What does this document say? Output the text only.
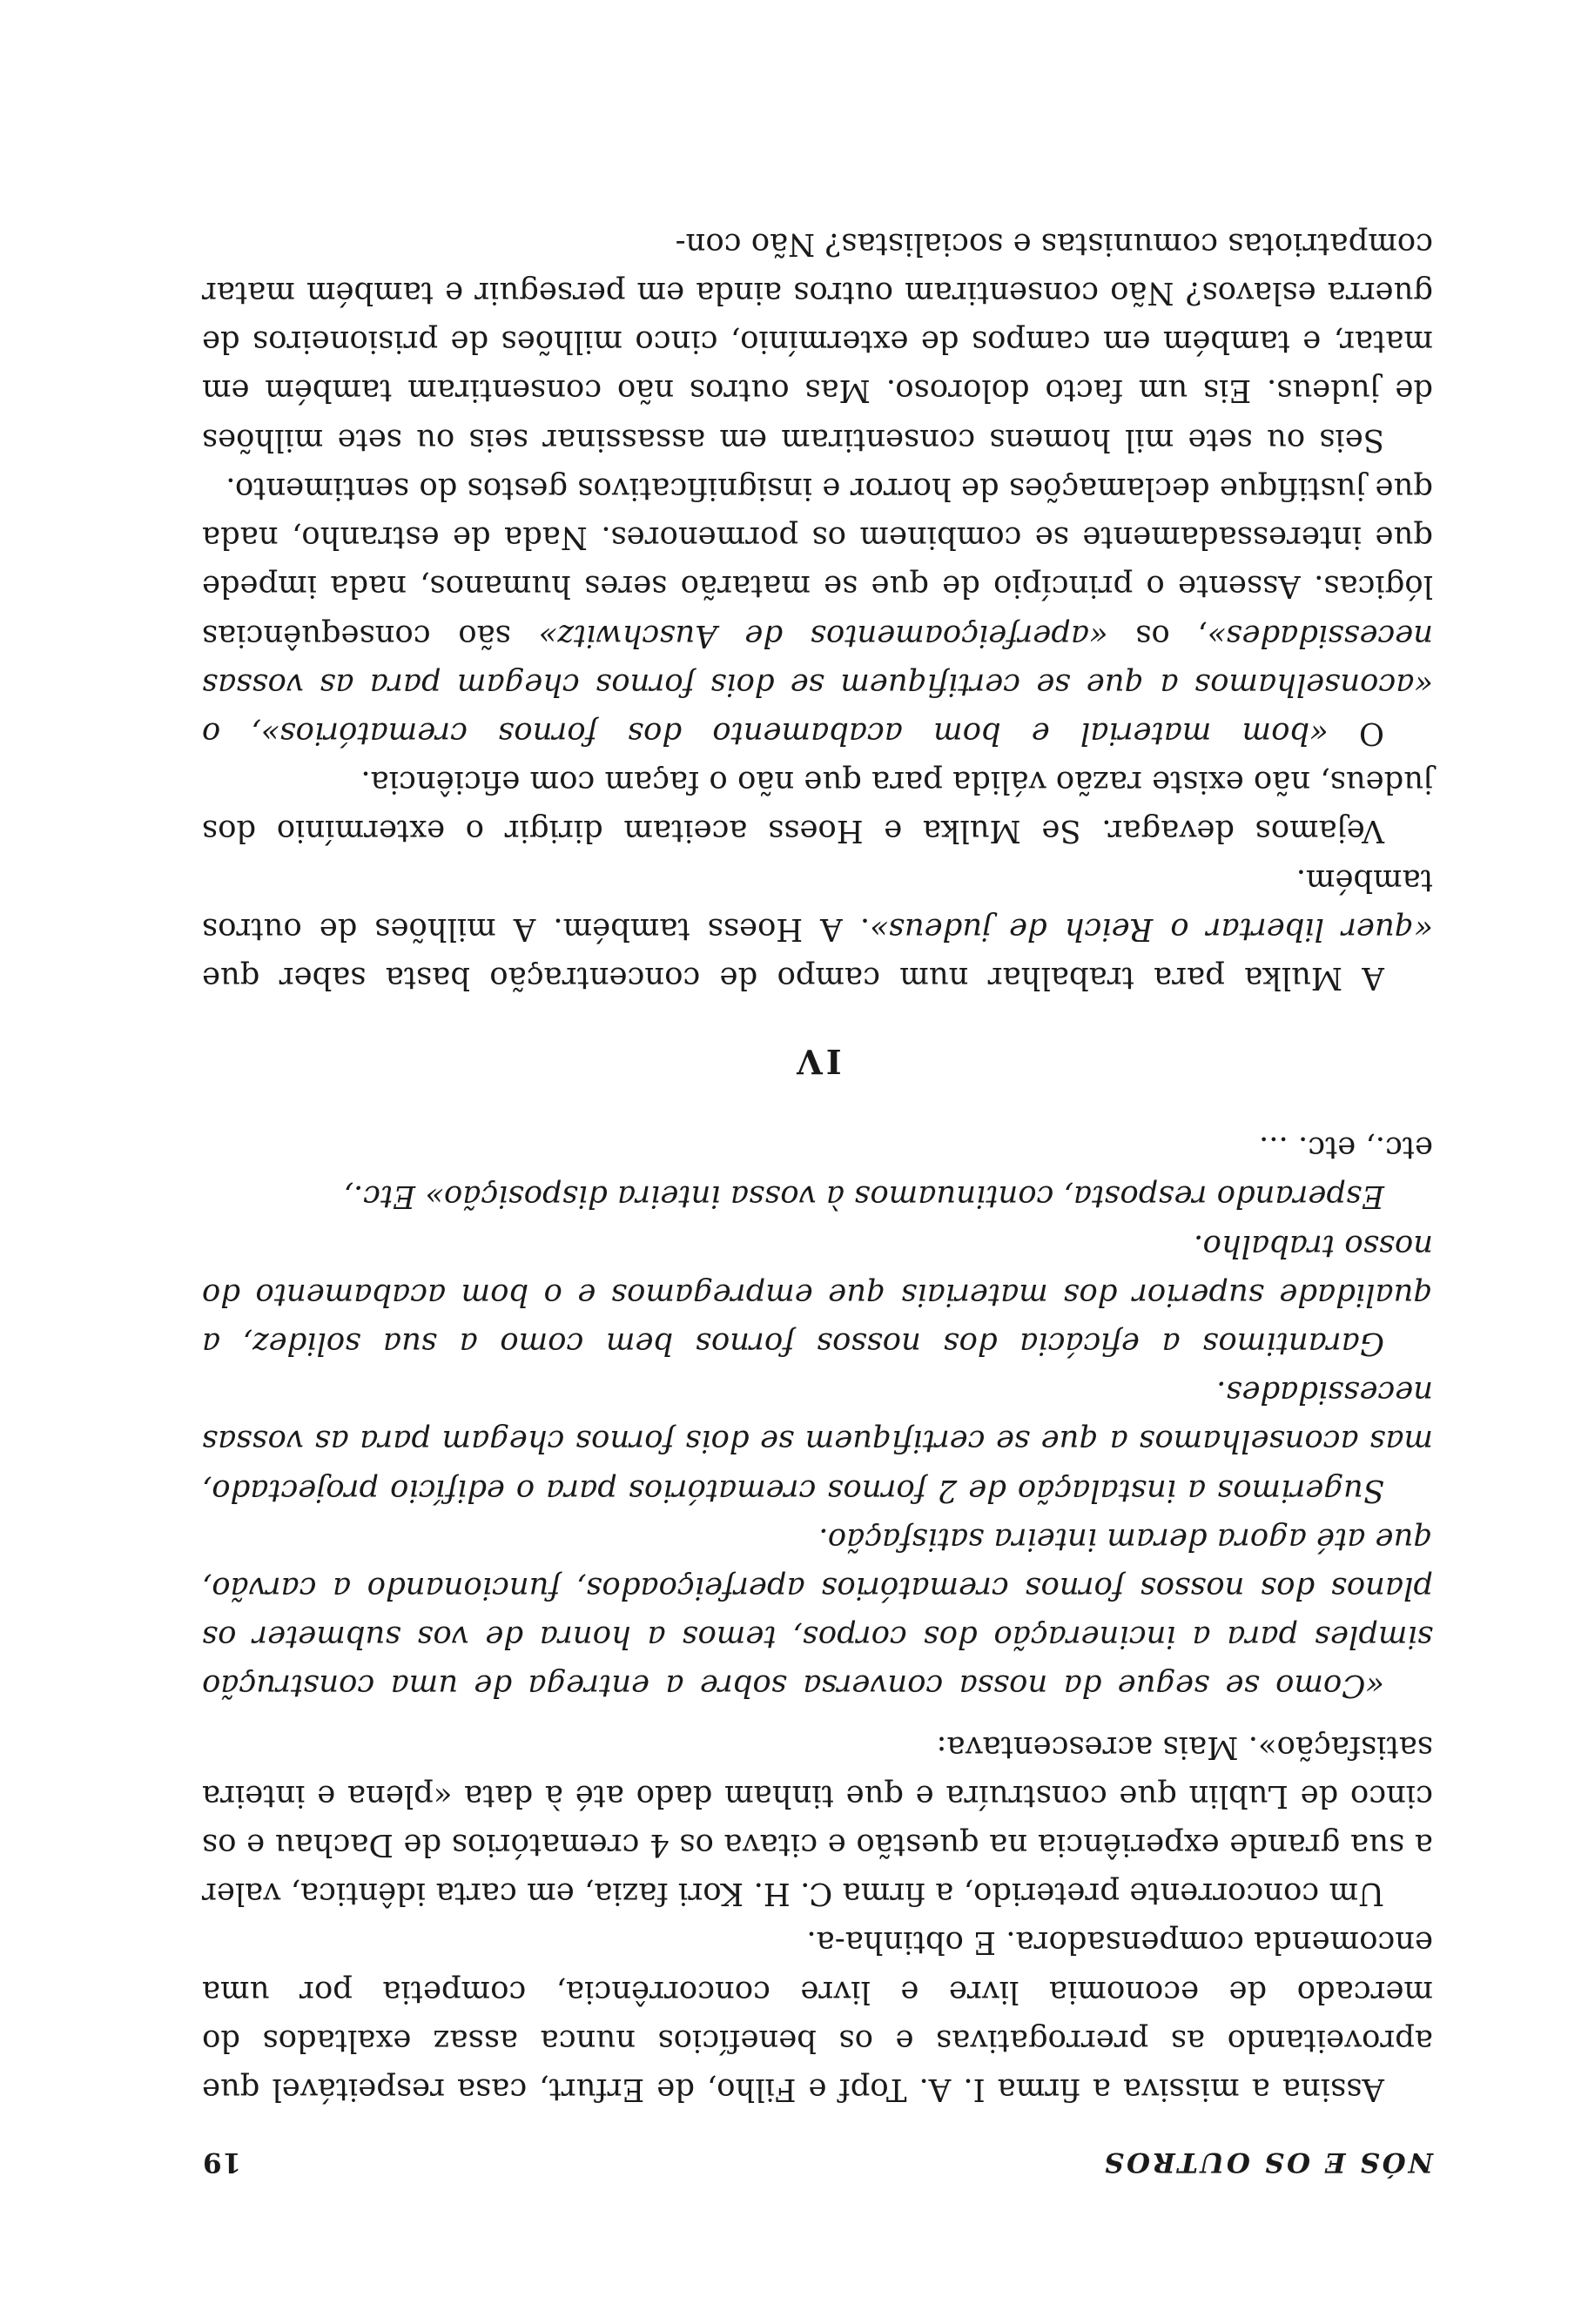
NÓS E OS OUTROS
19

Assina a missiva a firma I. A. Topf e Filho, de Erfurt, casa respeitável que aproveitando as prerrogativas e os benefícios nunca assaz exaltados do mercado de economia livre e livre concorrência, competia por uma encomenda compensadora. E obtinha-a.

Um concorrente preterido, a firma C. H. Kori fazia, em carta idêntica, valer a sua grande experiência na questão e citava os 4 crematórios de Dachau e os cinco de Lublin que construíra e que tinham dado até à data «plena e inteira satisfação». Mais acrescentava:

«Como se segue da nossa conversa sobre a entrega de uma construção simples para a incineração dos corpos, temos a honra de vos submeter os planos dos nossos fornos crematórios aperfeiçoados, funcionando a carvão, que até agora deram inteira satisfação.

Sugerimos a instalação de 2 fornos crematórios para o edifício projectado, mas aconselhamos a que se certifiquem se dois fornos chegam para as vossas necessidades.

Garantimos a eficácia dos nossos fornos bem como a sua solidez, a qualidade superior dos materiais que empregamos e o bom acabamento do nosso trabalho.

Esperando resposta, continuamos à vossa inteira disposição» Etc.,

etc., etc. ...

IV

A Mulka para trabalhar num campo de concentração basta saber que «quer libertar o Reich de judeus». A Hoess também. A milhões de outros também.

Vejamos devagar. Se Mulka e Hoess aceitam dirigir o extermínio dos judeus, não existe razão válida para que não o façam com eficiência.

O «bom material e bom acabamento dos fornos crematórios», o «aconselhamos a que se certifiquem se dois fornos chegam para as vossas necessidades», os «aperfeiçoamentos de Auschwitz» são consequências lógicas. Assente o princípio de que se matarão seres humanos, nada impede que interessadamente se combinem os pormenores. Nada de estranho, nada que justifique declamações de horror e insignificativos gestos do sentimento.

Seis ou sete mil homens consentiram em assassinar seis ou sete milhões de judeus. Eis um facto doloroso. Mas outros não consentiram também em matar, e também em campos de extermínio, cinco milhões de prisioneiros de guerra eslavos? Não consentiram outros ainda em perseguir e também matar compatriotas comunistas e socialistas? Não con-
